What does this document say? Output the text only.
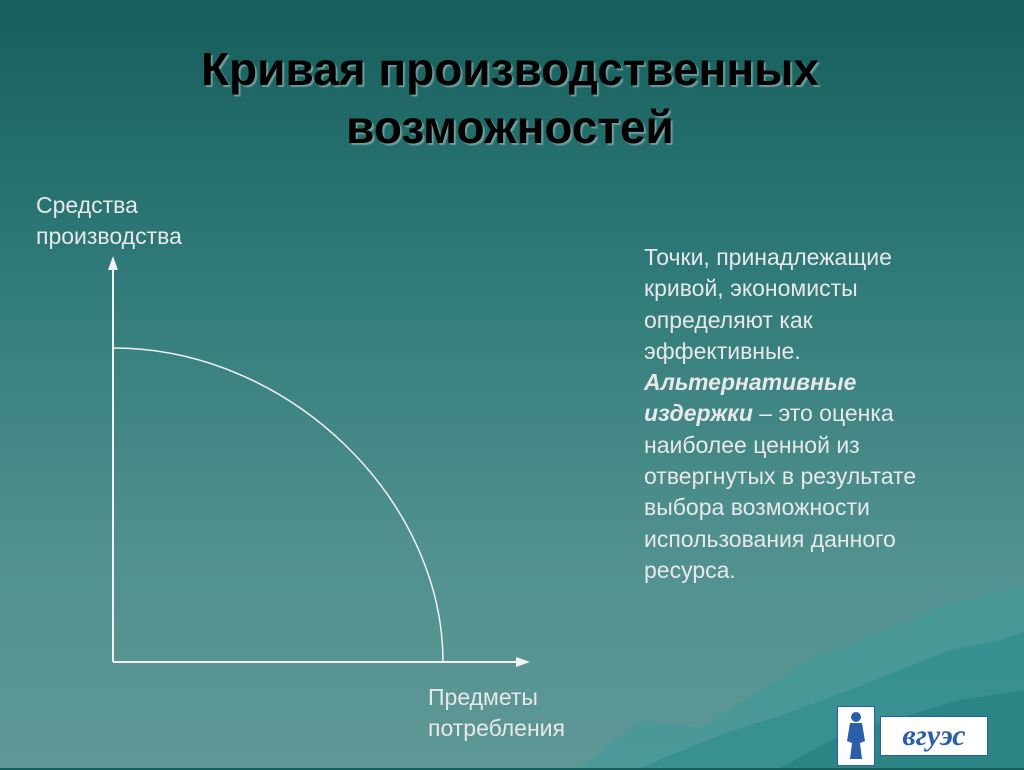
Кривая производственных
возможностей
Средства
производства
Предметы
потребления
Точки, принадлежащие кривой, экономисты определяют как эффективные. Альтернативные издержки – это оценка наиболее ценной из отвергнутых в результате выбора возможности использования данного ресурса.
вгуэс
